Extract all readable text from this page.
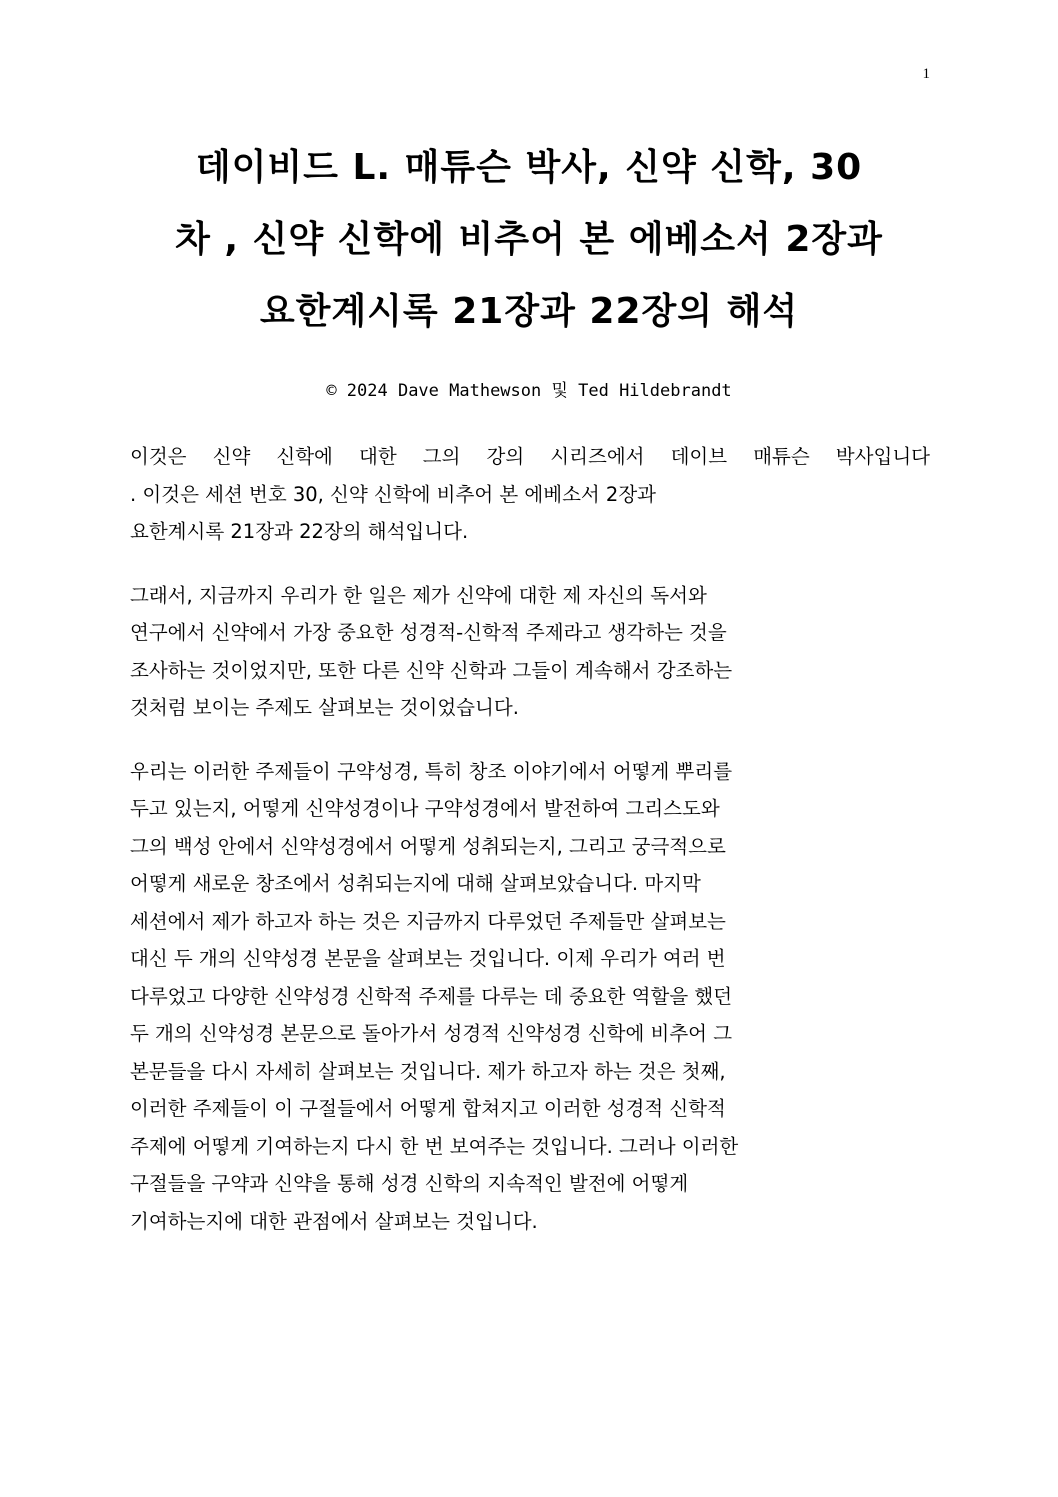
1
데이비드 L. 매튜슨 박사, 신약 신학, 30
차 , 신약 신학에 비추어 본 에베소서 2장과
요한계시록 21장과 22장의 해석
© 2024 Dave Mathewson 및 Ted Hildebrandt

이것은 신약 신학에 대한 그의 강의 시리즈에서 데이브 매튜슨 박사입니다
. 이것은 세션 번호 30, 신약 신학에 비추어 본 에베소서 2장과
요한계시록 21장과 22장의 해석입니다.

그래서, 지금까지 우리가 한 일은 제가 신약에 대한 제 자신의 독서와
연구에서 신약에서 가장 중요한 성경적-신학적 주제라고 생각하는 것을
조사하는 것이었지만, 또한 다른 신약 신학과 그들이 계속해서 강조하는
것처럼 보이는 주제도 살펴보는 것이었습니다.

우리는 이러한 주제들이 구약성경, 특히 창조 이야기에서 어떻게 뿌리를
두고 있는지, 어떻게 신약성경이나 구약성경에서 발전하여 그리스도와
그의 백성 안에서 신약성경에서 어떻게 성취되는지, 그리고 궁극적으로
어떻게 새로운 창조에서 성취되는지에 대해 살펴보았습니다. 마지막
세션에서 제가 하고자 하는 것은 지금까지 다루었던 주제들만 살펴보는
대신 두 개의 신약성경 본문을 살펴보는 것입니다. 이제 우리가 여러 번
다루었고 다양한 신약성경 신학적 주제를 다루는 데 중요한 역할을 했던
두 개의 신약성경 본문으로 돌아가서 성경적 신약성경 신학에 비추어 그
본문들을 다시 자세히 살펴보는 것입니다. 제가 하고자 하는 것은 첫째,
이러한 주제들이 이 구절들에서 어떻게 합쳐지고 이러한 성경적 신학적
주제에 어떻게 기여하는지 다시 한 번 보여주는 것입니다. 그러나 이러한
구절들을 구약과 신약을 통해 성경 신학의 지속적인 발전에 어떻게
기여하는지에 대한 관점에서 살펴보는 것입니다.
